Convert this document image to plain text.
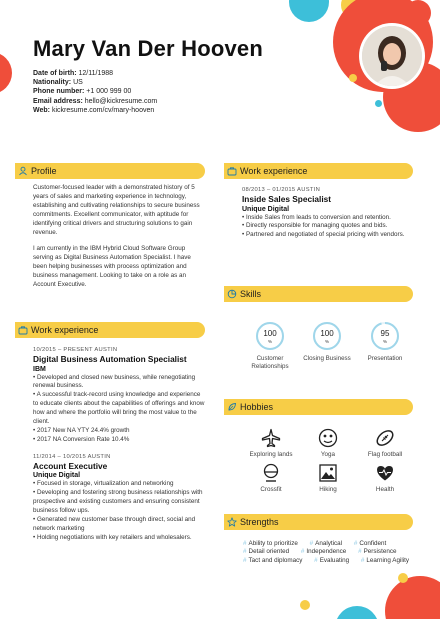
Mary Van Der Hooven
Date of birth: 12/11/1988
Nationality: US
Phone number: +1 000 999 00
Email address: hello@kickresume.com
Web: kickresume.com/cv/mary-hooven
Profile

Customer-focused leader with a demonstrated history of 5 years of sales and marketing experience in technology, establishing and cultivating relationships to secure business commitments. Excellent communicator, with aptitude for identifying critical drivers and structuring solutions to gain revenue.

I am currently in the IBM Hybrid Cloud Software Group serving as Digital Business Automation Specialist. I have been helping businesses with process optimization and business management. Looking to take on a role as an Account Executive.

Work experience
10/2015 – PRESENT AUSTIN
Digital Business Automation Specialist
IBM
• Developed and closed new business, while renegotiating renewal business.
• A successful track-record using knowledge and experience to educate clients about the capabilities of offerings and know how and where the portfolio will bring the most value to the client.
• 2017 New NA YTY 24.4% growth
• 2017 NA Conversion Rate 10.4%
11/2014 – 10/2015 AUSTIN
Account Executive
Unique Digital
• Focused in storage, virtualization and networking
• Developing and fostering strong business relationships with prospective and existing customers and ensuring consistent business follow ups.
• Generated new customer base through direct, social and network marketing
• Holding negotiations with key retailers and wholesalers.
Work experience
08/2013 – 01/2015 AUSTIN
Inside Sales Specialist
Unique Digital
• Inside Sales from leads to conversion and retention.
• Directly responsible for managing quotes and bids.
• Partnered and negotiated of special pricing with vendors.
Skills
100
%
Customer Relationships
100
%
Closing Business
95
%
Presentation
Hobbies
Exploring lands	Yoga	Flag football
Crossfit	Hiking	Health
Strengths
# Ability to prioritize # Analytical # Confident # Detail oriented # Independence # Persistence # Tact and diplomacy # Evaluating # Learning Agility
